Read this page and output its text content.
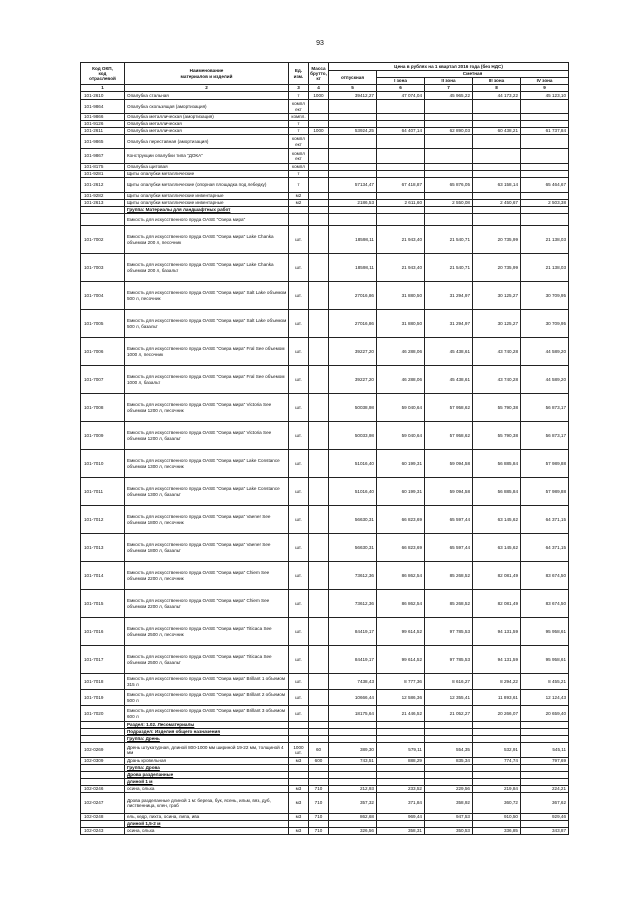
93
Код ОКП,
код
отраслевой	Наименование
материалов и изделий	Ед.
изм.	Масса
брутто,
кг	Цена в рублях на 1 квартал 2016 года (без НДС)				
				отпускная	Сметная			
					I зона	II зона	III зона	IV зона
1	2	3	4	5	6	7	8	9
101-2610	Опалубка стальная	т	1000	39412,27	47 074,04	45 965,22	44 173,22	45 123,10
101-9864	Опалубка скользящая (амортизация)	компл ект						
101-9866	Опалубка металлическая (амортизация)	компл.						
101-9126	Опалубка металлическая	т						
101-2611	Опалубка металлическая	т	1000	53924,25	64 407,14	62 890,03	60 438,21	61 737,84
101-9865	Опалубка переставная (амортизация)	компл ект						
101-9867	Конструкции опалубки типа "ДОКА"	компл ект						
101-8175	Опалубка щитовая	компл						
101-9281	Щиты опалубки металлические	т						
101-2612	Щиты опалубки металлические (опорная площадка под лебедку)	т		57134,47	67 418,87	65 876,05	63 158,14	65 464,67
101-9282	Щиты опалубки металлические инвентарные	м2						
101-2613	Щиты опалубки металлические инвентарные	м2		2186,53	2 611,60	2 550,08	2 450,67	2 503,38
	Группа: Материалы для ландшафтных работ							
	Емкость для искусственного пруда OASE "Озера мира"							
101-7002	Емкость для искусственного пруда OASE "Озера мира" Lake Chanka объемом 200 л, песочник	шт.		18598,11	21 943,40	21 540,71	20 735,99	21 138,03
101-7003	Емкость для искусственного пруда OASE "Озера мира" Lake Chanka объемом 200 л, базальт	шт.		18598,11	21 943,40	21 540,71	20 735,99	21 138,03
101-7004	Емкость для искусственного пруда OASE "Озера мира" Salt Lake объемом 500 л, песочник	шт.		27016,86	31 880,50	31 294,97	30 125,27	30 709,95
101-7005	Емкость для искусственного пруда OASE "Озера мира" Salt Lake объемом 500 л, базальт	шт.		27016,86	31 880,50	31 294,97	30 125,27	30 709,95
101-7006	Емкость для искусственного пруда OASE "Озера мира" Fral See объемом 1000 л, песочник	шт.		39227,20	46 288,06	45 438,61	43 740,28	44 589,20
101-7007	Емкость для искусственного пруда OASE "Озера мира" Fral See объемом 1000 л, базальт	шт.		39227,20	46 288,06	45 438,61	43 740,28	44 589,20
101-7008	Емкость для искусственного пруда OASE "Озера мира" Victoria See объемом 1200 л, песочник	шт.		50038,98	59 040,64	57 958,62	55 790,38	56 873,17
101-7009	Емкость для искусственного пруда OASE "Озера мира" Victoria See объемом 1200 л, базальт	шт.		50033,98	59 040,64	57 958,62	55 790,38	56 873,17
101-7010	Емкость для искусственного пруда OASE "Озера мира" Lake Constance объемом 1300 л, песочник	шт.		51016,40	60 199,31	59 094,58	56 885,84	57 989,88
101-7011	Емкость для искусственного пруда OASE "Озера мира" Lake Constance объемом 1300 л, базальт	шт.		51016,40	60 199,31	59 094,58	56 885,84	57 989,88
101-7012	Емкость для искусственного пруда OASE "Озера мира" Vaener See объемом 1800 л, песочник	шт.		56630,31	66 823,69	65 597,44	63 145,62	64 371,15
101-7013	Емкость для искусственного пруда OASE "Озера мира" Vaener See объемом 1800 л, базальт	шт.		56630,31	66 823,69	65 597,44	63 145,62	64 371,15
101-7014	Емкость для искусственного пруда OASE "Озера мира" Chiem See объемом 2200 л, песочник	шт.		73612,36	86 862,54	85 268,52	82 081,49	83 674,50
101-7015	Емкость для искусственного пруда OASE "Озера мира" Chiem See объемом 2200 л, базальт	шт.		73612,36	86 862,54	85 268,52	82 081,49	83 674,50
101-7016	Емкость для искусственного пруда OASE "Озера мира" Titicaca See объемом 2500 л, песочник	шт.		84419,17	99 614,52	97 785,53	94 131,59	95 958,61
101-7017	Емкость для искусственного пруда OASE "Озера мира" Titicaca See объемом 2500 л, базальт	шт.		84419,17	99 614,52	97 785,53	94 131,59	95 958,61
101-7018	Емкость для искусственного пруда OASE "Озера мира" Brillant 1 объемом 315 л	шт.		7438,43	8 777,36	8 616,27	8 294,22	8 455,21
101-7019	Емкость для искусственного пруда OASE "Озера мира" Brillant 2 объемом 500 л	шт.		10666,44	12 586,36	12 355,41	11 893,61	12 124,43
101-7020	Емкость для искусственного пруда OASE "Озера мира" Brillant 3 объемом 600 л	шт.		18175,64	21 446,52	21 052,27	20 266,07	20 659,40
	Раздел: 1.02. Лесоматериалы							
	Подраздел: Изделия общего назначения							
	Группа: Дрень							
102-0269	Дрень штукатурная, длиной 800-1000 мм шириной 19-22 мм, толщиной 4 мм	1000 шт.	60	389,30	579,11	554,35	532,91	545,11
102-0309	Дрань кровельная	м3	600	743,51	888,29	835,34	774,74	797,69
	Группа: Дрова							
	Дрова разделанные							
	длиной 1 м							
102-0246	осина, ольха	м3	710	212,93	233,52	229,56	219,84	224,21
102-0247	Дрова разделанные длиной 1 м: береза, бук, ясень, ильм, вяз, дуб, лиственница, клен, граб	м3	710	357,32	371,84	358,92	360,72	367,62
102-0248	ель, кедр, пихта, осина, липа, ива	м3	710	862,68	969,44	947,53	910,50	929,46
	длиной 1,5-2 м							
102-0243	осина, ольха	м3	710	326,56	358,31	350,53	336,85	343,87
